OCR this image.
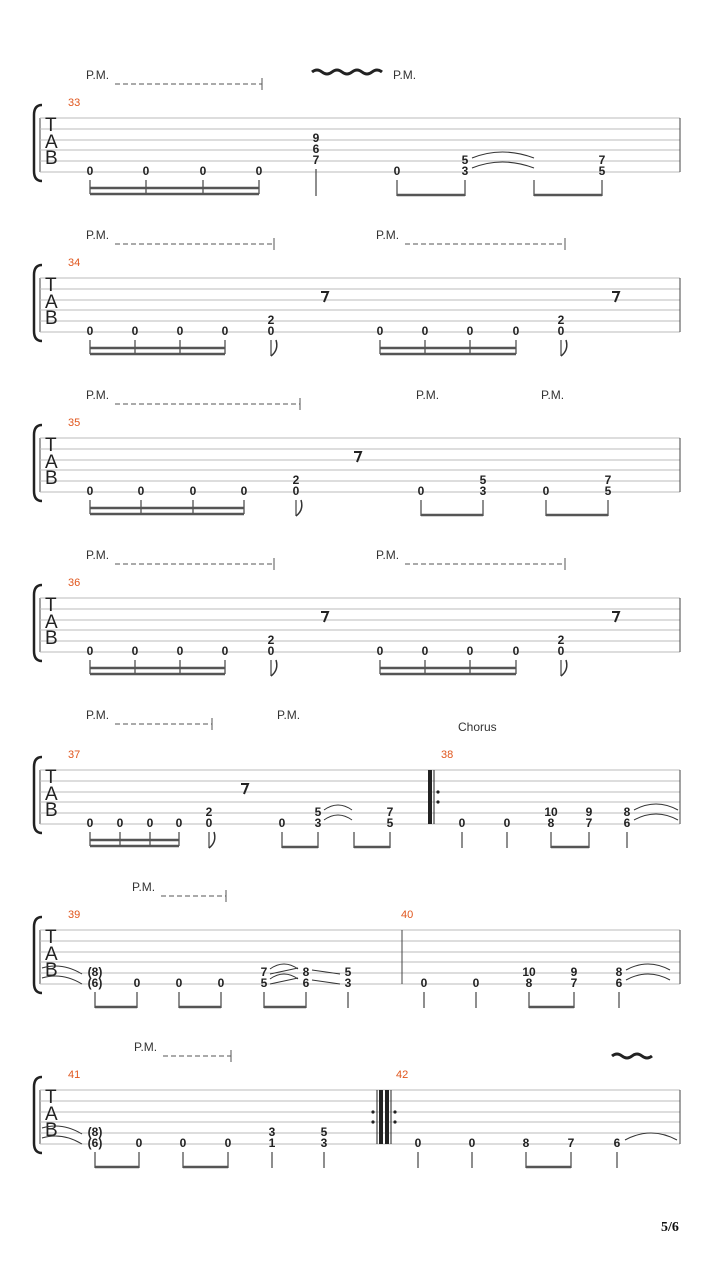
P.M.	P.M.
33
0	0	0	0
9
6
7
0
5
3
7
5
P.M.	P.M.
34
0	0	0	0
2
0	0	0	0	0
2
0
P.M.	P.M.	P.M.
35
0	0	0	0
2
0	0
5
3	0
7
5
P.M.	P.M.
36
0	0	0	0
2
0	0	0	0	0
2
0
P.M.	P.M.
Chorus
37	38
0 0 0 0
2
0	0
5
3
7
5	0	0
10
8
9
7
8
6
P.M.
39	40
(8)
(6)	0	0	0
7
5
8
6
5
3	0	0
10
8
9
7
8
6
P.M.
41	42
(8)
(6)	0	0	0
3
1
5
3	0	0	8	7	6
5/6
